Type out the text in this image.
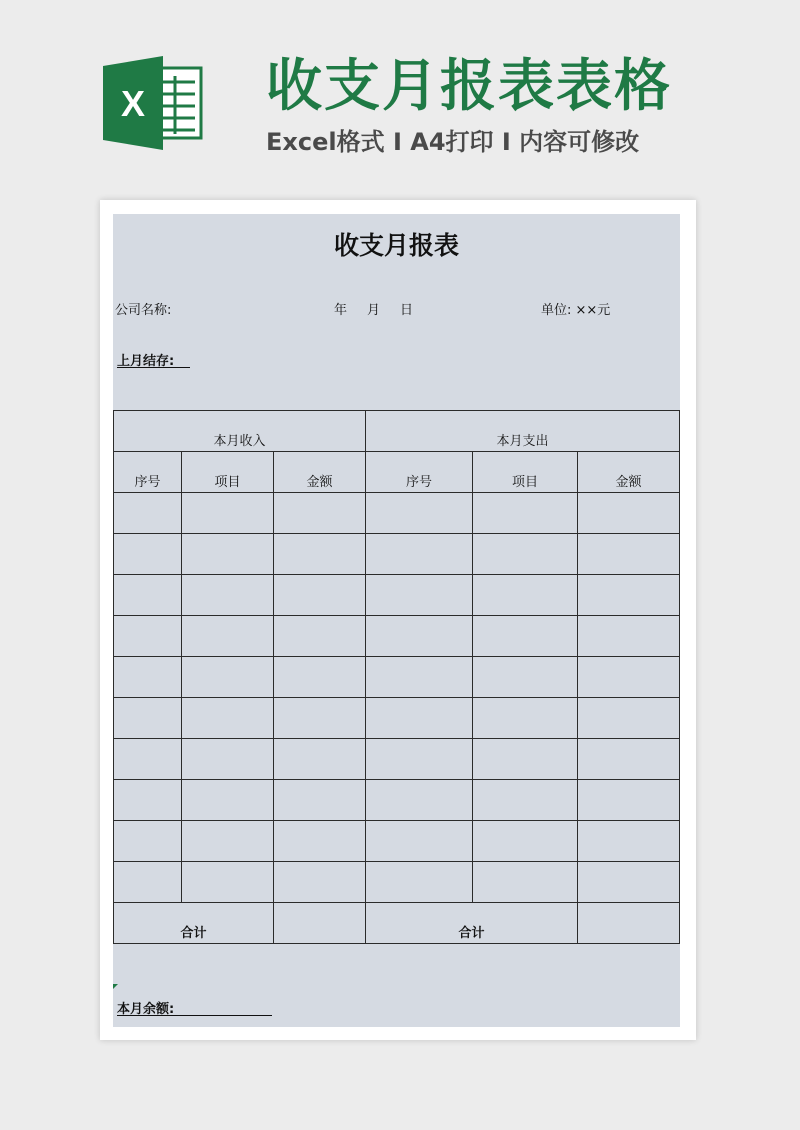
X 收支月报表表格
Excel格式 I A4打印 I 内容可修改
收支月报表
公司名称:	年 月 日	单位: ××元
上月结存:
本月收入			本月支出		
序号	项目	金额	序号	项目	金额

合计			合计		
本月余额:
